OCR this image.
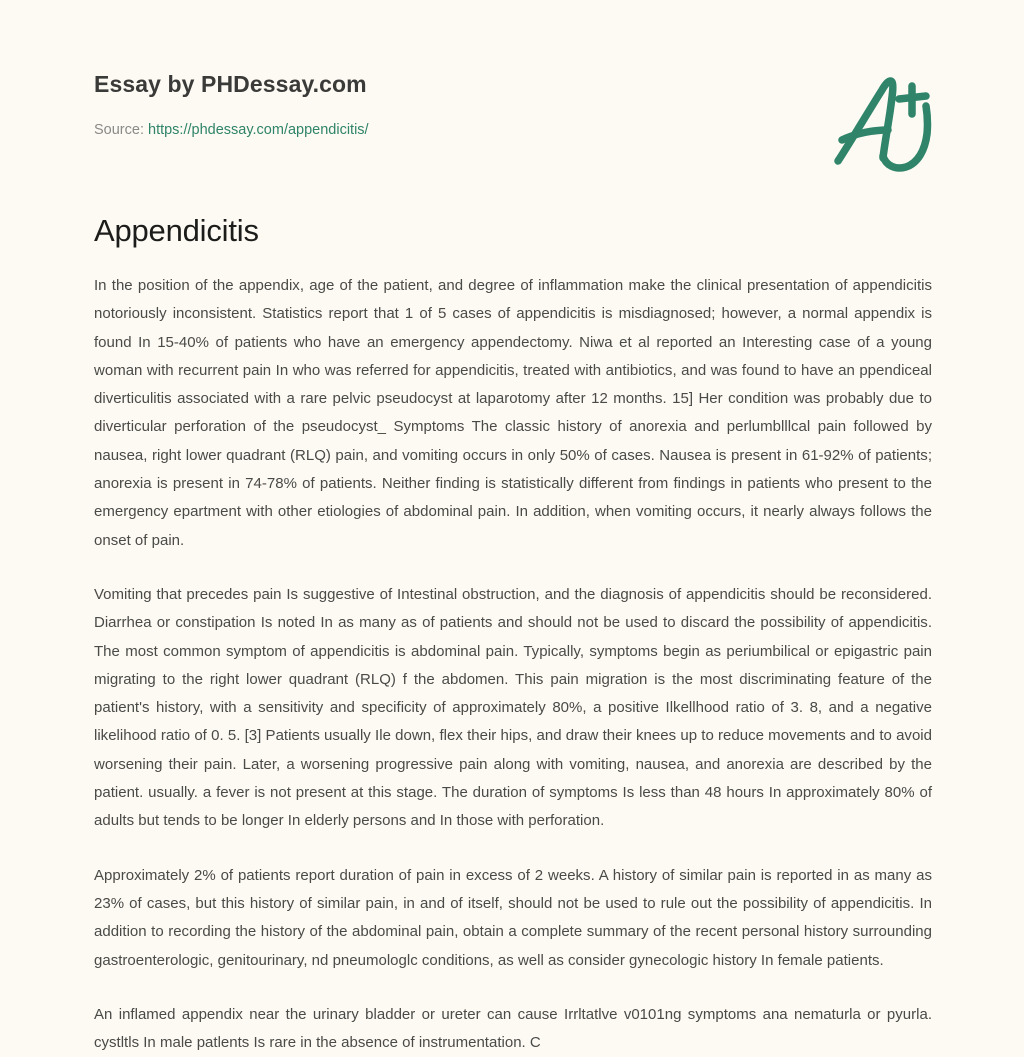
Essay by PHDessay.com
Source: https://phdessay.com/appendicitis/
Appendicitis

In the position of the appendix, age of the patient, and degree of inflammation make the clinical presentation of appendicitis notoriously inconsistent. Statistics report that 1 of 5 cases of appendicitis is misdiagnosed; however, a normal appendix is found In 15-40% of patients who have an emergency appendectomy. Niwa et al reported an Interesting case of a young woman with recurrent pain In who was referred for appendicitis, treated with antibiotics, and was found to have an ppendiceal diverticulitis associated with a rare pelvic pseudocyst at laparotomy after 12 months. 15] Her condition was probably due to diverticular perforation of the pseudocyst_ Symptoms The classic history of anorexia and perlumblllcal pain followed by nausea, right lower quadrant (RLQ) pain, and vomiting occurs in only 50% of cases. Nausea is present in 61-92% of patients; anorexia is present in 74-78% of patients. Neither finding is statistically different from findings in patients who present to the emergency epartment with other etiologies of abdominal pain. In addition, when vomiting occurs, it nearly always follows the onset of pain.

Vomiting that precedes pain Is suggestive of Intestinal obstruction, and the diagnosis of appendicitis should be reconsidered. Diarrhea or constipation Is noted In as many as of patients and should not be used to discard the possibility of appendicitis. The most common symptom of appendicitis is abdominal pain. Typically, symptoms begin as periumbilical or epigastric pain migrating to the right lower quadrant (RLQ) f the abdomen. This pain migration is the most discriminating feature of the patient's history, with a sensitivity and specificity of approximately 80%, a positive Ilkellhood ratio of 3. 8, and a negative likelihood ratio of 0. 5. [3] Patients usually Ile down, flex their hips, and draw their knees up to reduce movements and to avoid worsening their pain. Later, a worsening progressive pain along with vomiting, nausea, and anorexia are described by the patient. usually. a fever is not present at this stage. The duration of symptoms Is less than 48 hours In approximately 80% of adults but tends to be longer In elderly persons and In those with perforation.

Approximately 2% of patients report duration of pain in excess of 2 weeks. A history of similar pain is reported in as many as 23% of cases, but this history of similar pain, in and of itself, should not be used to rule out the possibility of appendicitis. In addition to recording the history of the abdominal pain, obtain a complete summary of the recent personal history surrounding gastroenterologic, genitourinary, nd pneumologlc conditions, as well as consider gynecologic history In female patients.

An inflamed appendix near the urinary bladder or ureter can cause Irrltatlve v0101ng symptoms ana nematurla or pyurla. cystltls In male patlents Is rare in the absence of instrumentation. C
